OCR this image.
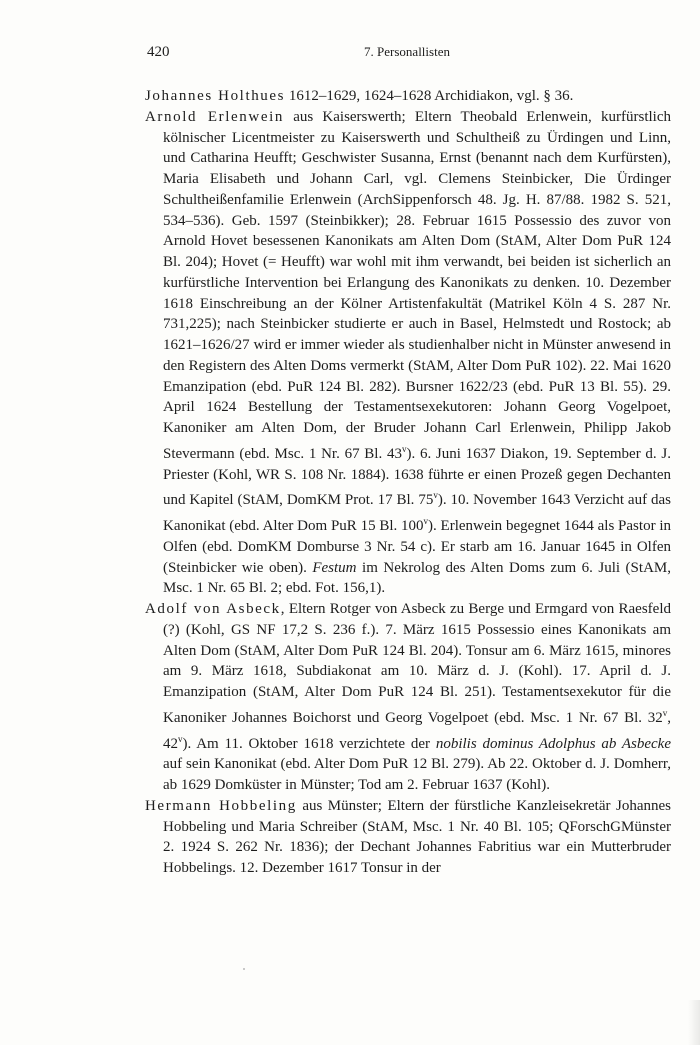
420	7. Personallisten

Johannes Holthues 1612–1629, 1624–1628 Archidiakon, vgl. § 36.

Arnold Erlenwein aus Kaiserswerth; Eltern Theobald Erlenwein, kurfürstlich kölnischer Licentmeister zu Kaiserswerth und Schultheiß zu Ürdingen und Linn, und Catharina Heufft; Geschwister Susanna, Ernst (benannt nach dem Kurfürsten), Maria Elisabeth und Johann Carl, vgl. Clemens Steinbicker, Die Ürdinger Schultheißenfamilie Erlenwein (ArchSippenforsch 48. Jg. H. 87/88. 1982 S. 521, 534–536). Geb. 1597 (Steinbikker); 28. Februar 1615 Possessio des zuvor von Arnold Hovet besessenen Kanonikats am Alten Dom (StAM, Alter Dom PuR 124 Bl. 204); Hovet (= Heufft) war wohl mit ihm verwandt, bei beiden ist sicherlich an kurfürstliche Intervention bei Erlangung des Kanonikats zu denken. 10. Dezember 1618 Einschreibung an der Kölner Artistenfakultät (Matrikel Köln 4 S. 287 Nr. 731,225); nach Steinbicker studierte er auch in Basel, Helmstedt und Rostock; ab 1621–1626/27 wird er immer wieder als studienhalber nicht in Münster anwesend in den Registern des Alten Doms vermerkt (StAM, Alter Dom PuR 102). 22. Mai 1620 Emanzipation (ebd. PuR 124 Bl. 282). Bursner 1622/23 (ebd. PuR 13 Bl. 55). 29. April 1624 Bestellung der Testamentsexekutoren: Johann Georg Vogelpoet, Kanoniker am Alten Dom, der Bruder Johann Carl Erlenwein, Philipp Jakob Stevermann (ebd. Msc. 1 Nr. 67 Bl. 43$^v$). 6. Juni 1637 Diakon, 19. September d. J. Priester (Kohl, WR S. 108 Nr. 1884). 1638 führte er einen Prozeß gegen Dechanten und Kapitel (StAM, DomKM Prot. 17 Bl. 75$^v$). 10. November 1643 Verzicht auf das Kanonikat (ebd. Alter Dom PuR 15 Bl. 100$^v$). Erlenwein begegnet 1644 als Pastor in Olfen (ebd. DomKM Domburse 3 Nr. 54 c). Er starb am 16. Januar 1645 in Olfen (Steinbicker wie oben). Festum im Nekrolog des Alten Doms zum 6. Juli (StAM, Msc. 1 Nr. 65 Bl. 2; ebd. Fot. 156,1).

Adolf von Asbeck, Eltern Rotger von Asbeck zu Berge und Ermgard von Raesfeld (?) (Kohl, GS NF 17,2 S. 236 f.). 7. März 1615 Possessio eines Kanonikats am Alten Dom (StAM, Alter Dom PuR 124 Bl. 204). Tonsur am 6. März 1615, minores am 9. März 1618, Subdiakonat am 10. März d. J. (Kohl). 17. April d. J. Emanzipation (StAM, Alter Dom PuR 124 Bl. 251). Testamentsexekutor für die Kanoniker Johannes Boichorst und Georg Vogelpoet (ebd. Msc. 1 Nr. 67 Bl. 32$^v$, 42$^v$). Am 11. Oktober 1618 verzichtete der nobilis dominus Adolphus ab Asbecke auf sein Kanonikat (ebd. Alter Dom PuR 12 Bl. 279). Ab 22. Oktober d. J. Domherr, ab 1629 Domküster in Münster; Tod am 2. Februar 1637 (Kohl).

Hermann Hobbeling aus Münster; Eltern der fürstliche Kanzleisekretär Johannes Hobbeling und Maria Schreiber (StAM, Msc. 1 Nr. 40 Bl. 105; QForschGMünster 2. 1924 S. 262 Nr. 1836); der Dechant Johannes Fabritius war ein Mutterbruder Hobbelings. 12. Dezember 1617 Tonsur in der
